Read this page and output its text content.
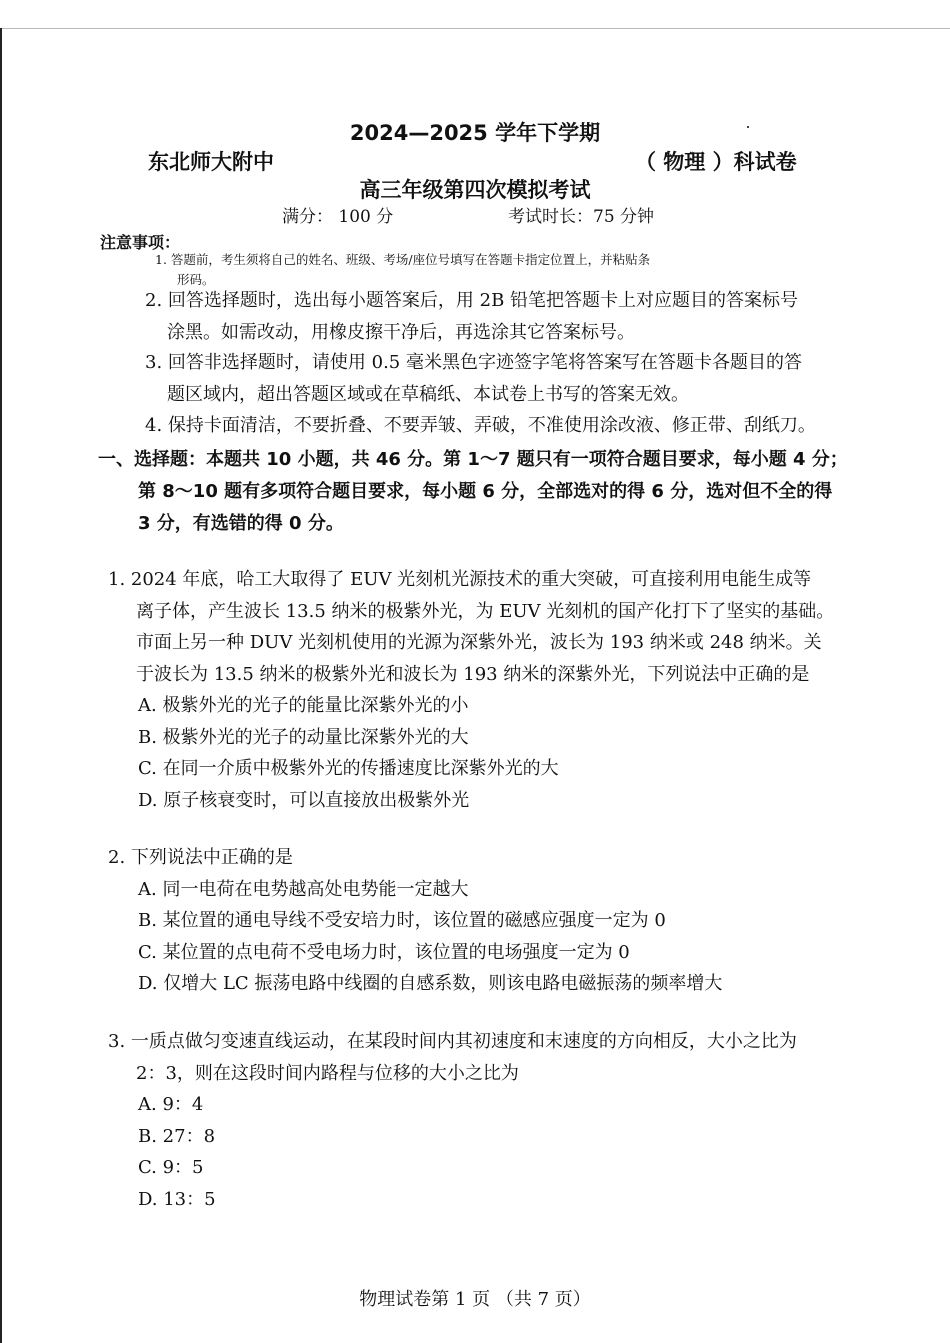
2024—2025 学年下学期
东北师大附中	（ 物理 ）科试卷
高三年级第四次模拟考试
满分： 100 分	考试时长：75 分钟
注意事项：
1. 答题前，考生须将自己的姓名、班级、考场/座位号填写在答题卡指定位置上，并粘贴条
形码。
2. 回答选择题时，选出每小题答案后，用 2B 铅笔把答题卡上对应题目的答案标号
涂黑。如需改动，用橡皮擦干净后，再选涂其它答案标号。
3. 回答非选择题时，请使用 0.5 毫米黑色字迹签字笔将答案写在答题卡各题目的答
题区域内，超出答题区域或在草稿纸、本试卷上书写的答案无效。
4. 保持卡面清洁，不要折叠、不要弄皱、弄破，不准使用涂改液、修正带、刮纸刀。
一、选择题：本题共 10 小题，共 46 分。第 1～7 题只有一项符合题目要求，每小题 4 分；
第 8～10 题有多项符合题目要求，每小题 6 分，全部选对的得 6 分，选对但不全的得
3 分，有选错的得 0 分。
1. 2024 年底，哈工大取得了 EUV 光刻机光源技术的重大突破，可直接利用电能生成等
离子体，产生波长 13.5 纳米的极紫外光，为 EUV 光刻机的国产化打下了坚实的基础。
市面上另一种 DUV 光刻机使用的光源为深紫外光，波长为 193 纳米或 248 纳米。关
于波长为 13.5 纳米的极紫外光和波长为 193 纳米的深紫外光，下列说法中正确的是
A. 极紫外光的光子的能量比深紫外光的小
B. 极紫外光的光子的动量比深紫外光的大
C. 在同一介质中极紫外光的传播速度比深紫外光的大
D. 原子核衰变时，可以直接放出极紫外光
2. 下列说法中正确的是
A. 同一电荷在电势越高处电势能一定越大
B. 某位置的通电导线不受安培力时，该位置的磁感应强度一定为 0
C. 某位置的点电荷不受电场力时，该位置的电场强度一定为 0
D. 仅增大 LC 振荡电路中线圈的自感系数，则该电路电磁振荡的频率增大
3. 一质点做匀变速直线运动，在某段时间内其初速度和末速度的方向相反，大小之比为
2：3，则在这段时间内路程与位移的大小之比为
A. 9：4
B. 27：8
C. 9：5
D. 13：5
物理试卷第 1 页 （共 7 页）
